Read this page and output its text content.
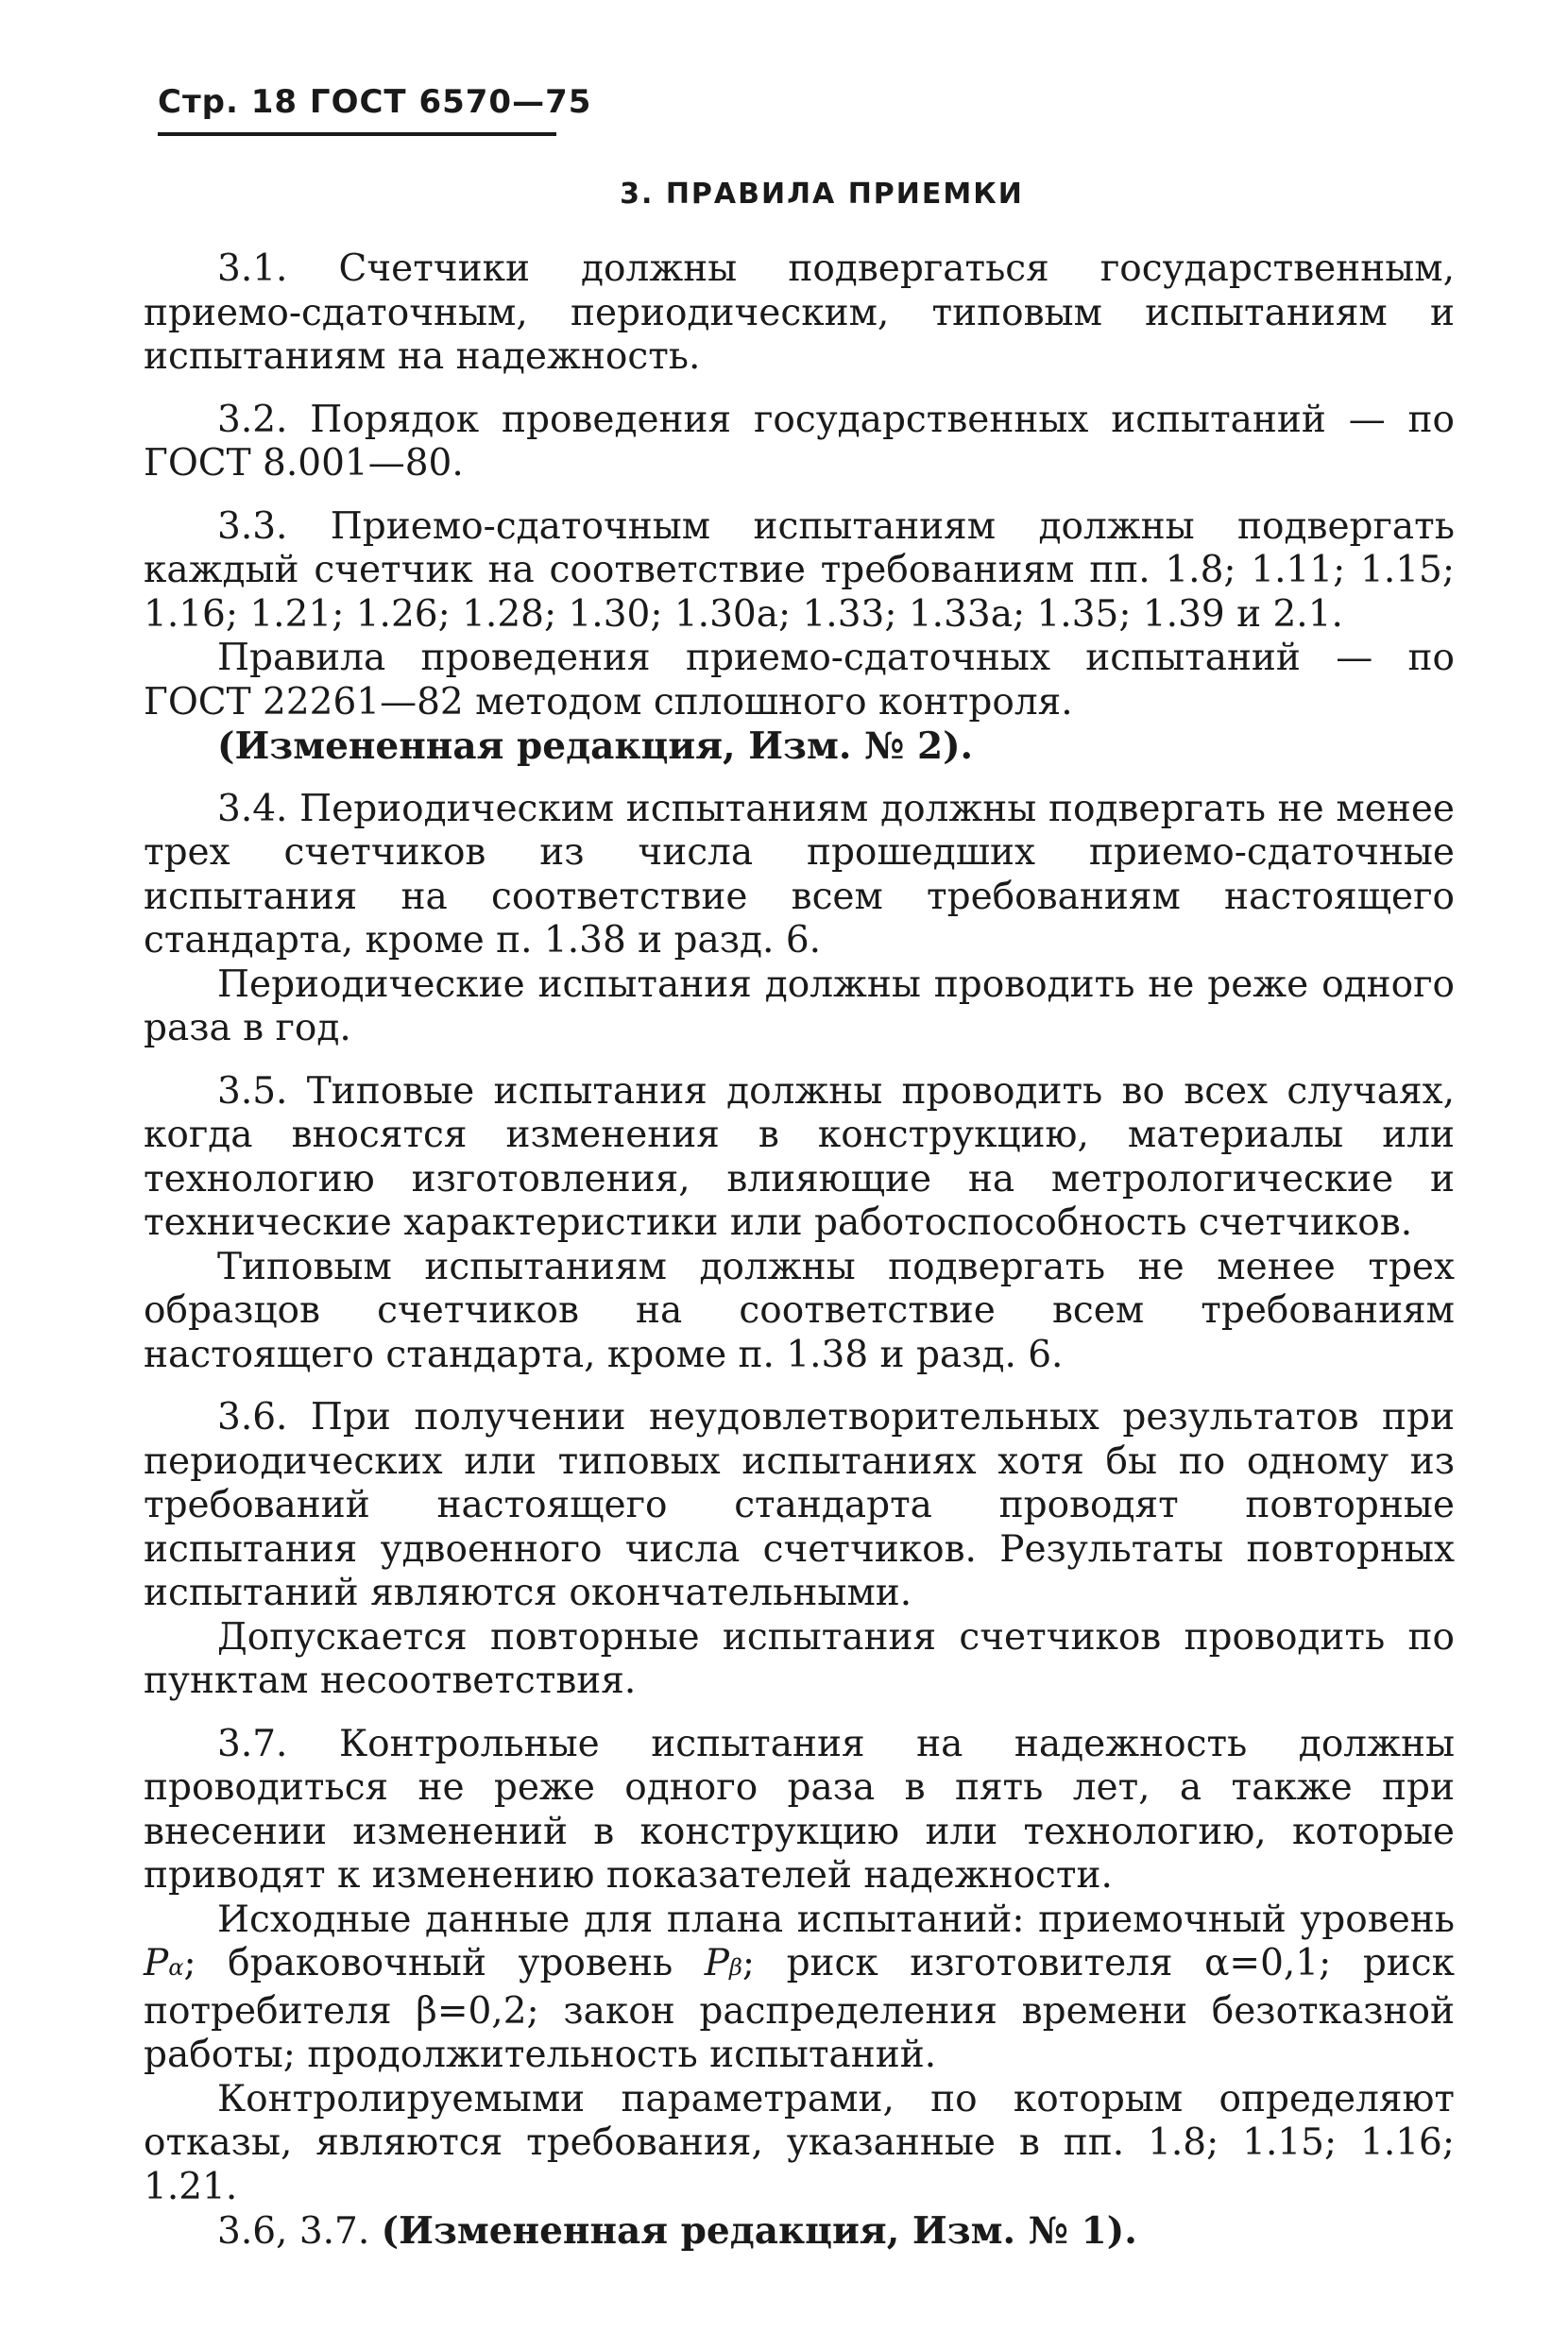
Стр. 18 ГОСТ 6570—75
3. ПРАВИЛА ПРИЕМКИ

3.1. Счетчики должны подвергаться государственным, приемо-сдаточным, периодическим, типовым испытаниям и испытаниям на надежность.

3.2. Порядок проведения государственных испытаний — по ГОСТ 8.001—80.

3.3. Приемо-сдаточным испытаниям должны подвергать каждый счетчик на соответствие требованиям пп. 1.8; 1.11; 1.15; 1.16; 1.21; 1.26; 1.28; 1.30; 1.30а; 1.33; 1.33а; 1.35; 1.39 и 2.1.

Правила проведения приемо-сдаточных испытаний — по ГОСТ 22261—82 методом сплошного контроля.

(Измененная редакция, Изм. № 2).

3.4. Периодическим испытаниям должны подвергать не менее трех счетчиков из числа прошедших приемо-сдаточные испытания на соответствие всем требованиям настоящего стандарта, кроме п. 1.38 и разд. 6.

Периодические испытания должны проводить не реже одного раза в год.

3.5. Типовые испытания должны проводить во всех случаях, когда вносятся изменения в конструкцию, материалы или технологию изготовления, влияющие на метрологические и технические характеристики или работоспособность счетчиков.

Типовым испытаниям должны подвергать не менее трех образцов счетчиков на соответствие всем требованиям настоящего стандарта, кроме п. 1.38 и разд. 6.

3.6. При получении неудовлетворительных результатов при периодических или типовых испытаниях хотя бы по одному из требований настоящего стандарта проводят повторные испытания удвоенного числа счетчиков. Результаты повторных испытаний являются окончательными.

Допускается повторные испытания счетчиков проводить по пунктам несоответствия.

3.7. Контрольные испытания на надежность должны проводиться не реже одного раза в пять лет, а также при внесении изменений в конструкцию или технологию, которые приводят к изменению показателей надежности.

Исходные данные для плана испытаний: приемочный уровень Pα; браковочный уровень Pβ; риск изготовителя α=0,1; риск потребителя β=0,2; закон распределения времени безотказной работы; продолжительность испытаний.

Контролируемыми параметрами, по которым определяют отказы, являются требования, указанные в пп. 1.8; 1.15; 1.16; 1.21.

3.6, 3.7. (Измененная редакция, Изм. № 1).
